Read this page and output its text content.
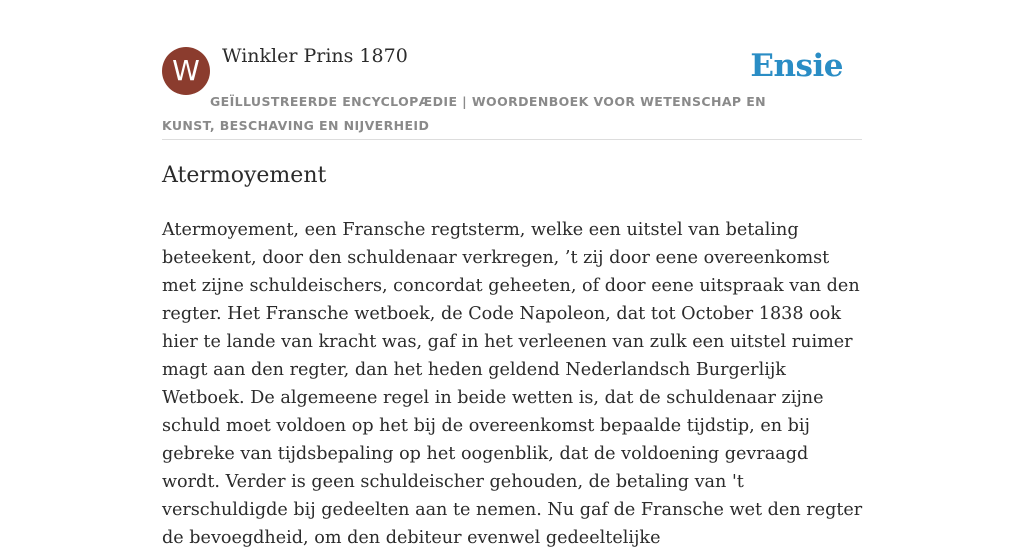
W	Winkler Prins 1870	Ensie
GEÏLLUSTREERDE ENCYCLOPÆDIE | WOORDENBOEK VOOR WETENSCHAP EN KUNST, BESCHAVING EN NIJVERHEID
Atermoyement

Atermoyement, een Fransche regtsterm, welke een uitstel van betaling beteekent, door den schuldenaar verkregen, ’t zij door eene overeenkomst met zijne schuldeischers, concordat geheeten, of door eene uitspraak van den regter. Het Fransche wetboek, de Code Napoleon, dat tot October 1838 ook hier te lande van kracht was, gaf in het verleenen van zulk een uitstel ruimer magt aan den regter, dan het heden geldend Nederlandsch Burgerlijk Wetboek. De algemeene regel in beide wetten is, dat de schuldenaar zijne schuld moet voldoen op het bij de overeenkomst bepaalde tijdstip, en bij gebreke van tijdsbepaling op het oogenblik, dat de voldoening gevraagd wordt. Verder is geen schuldeischer gehouden, de betaling van 't verschuldigde bij gedeelten aan te nemen. Nu gaf de Fransche wet den regter de bevoegdheid, om den debiteur evenwel gedeeltelijke
